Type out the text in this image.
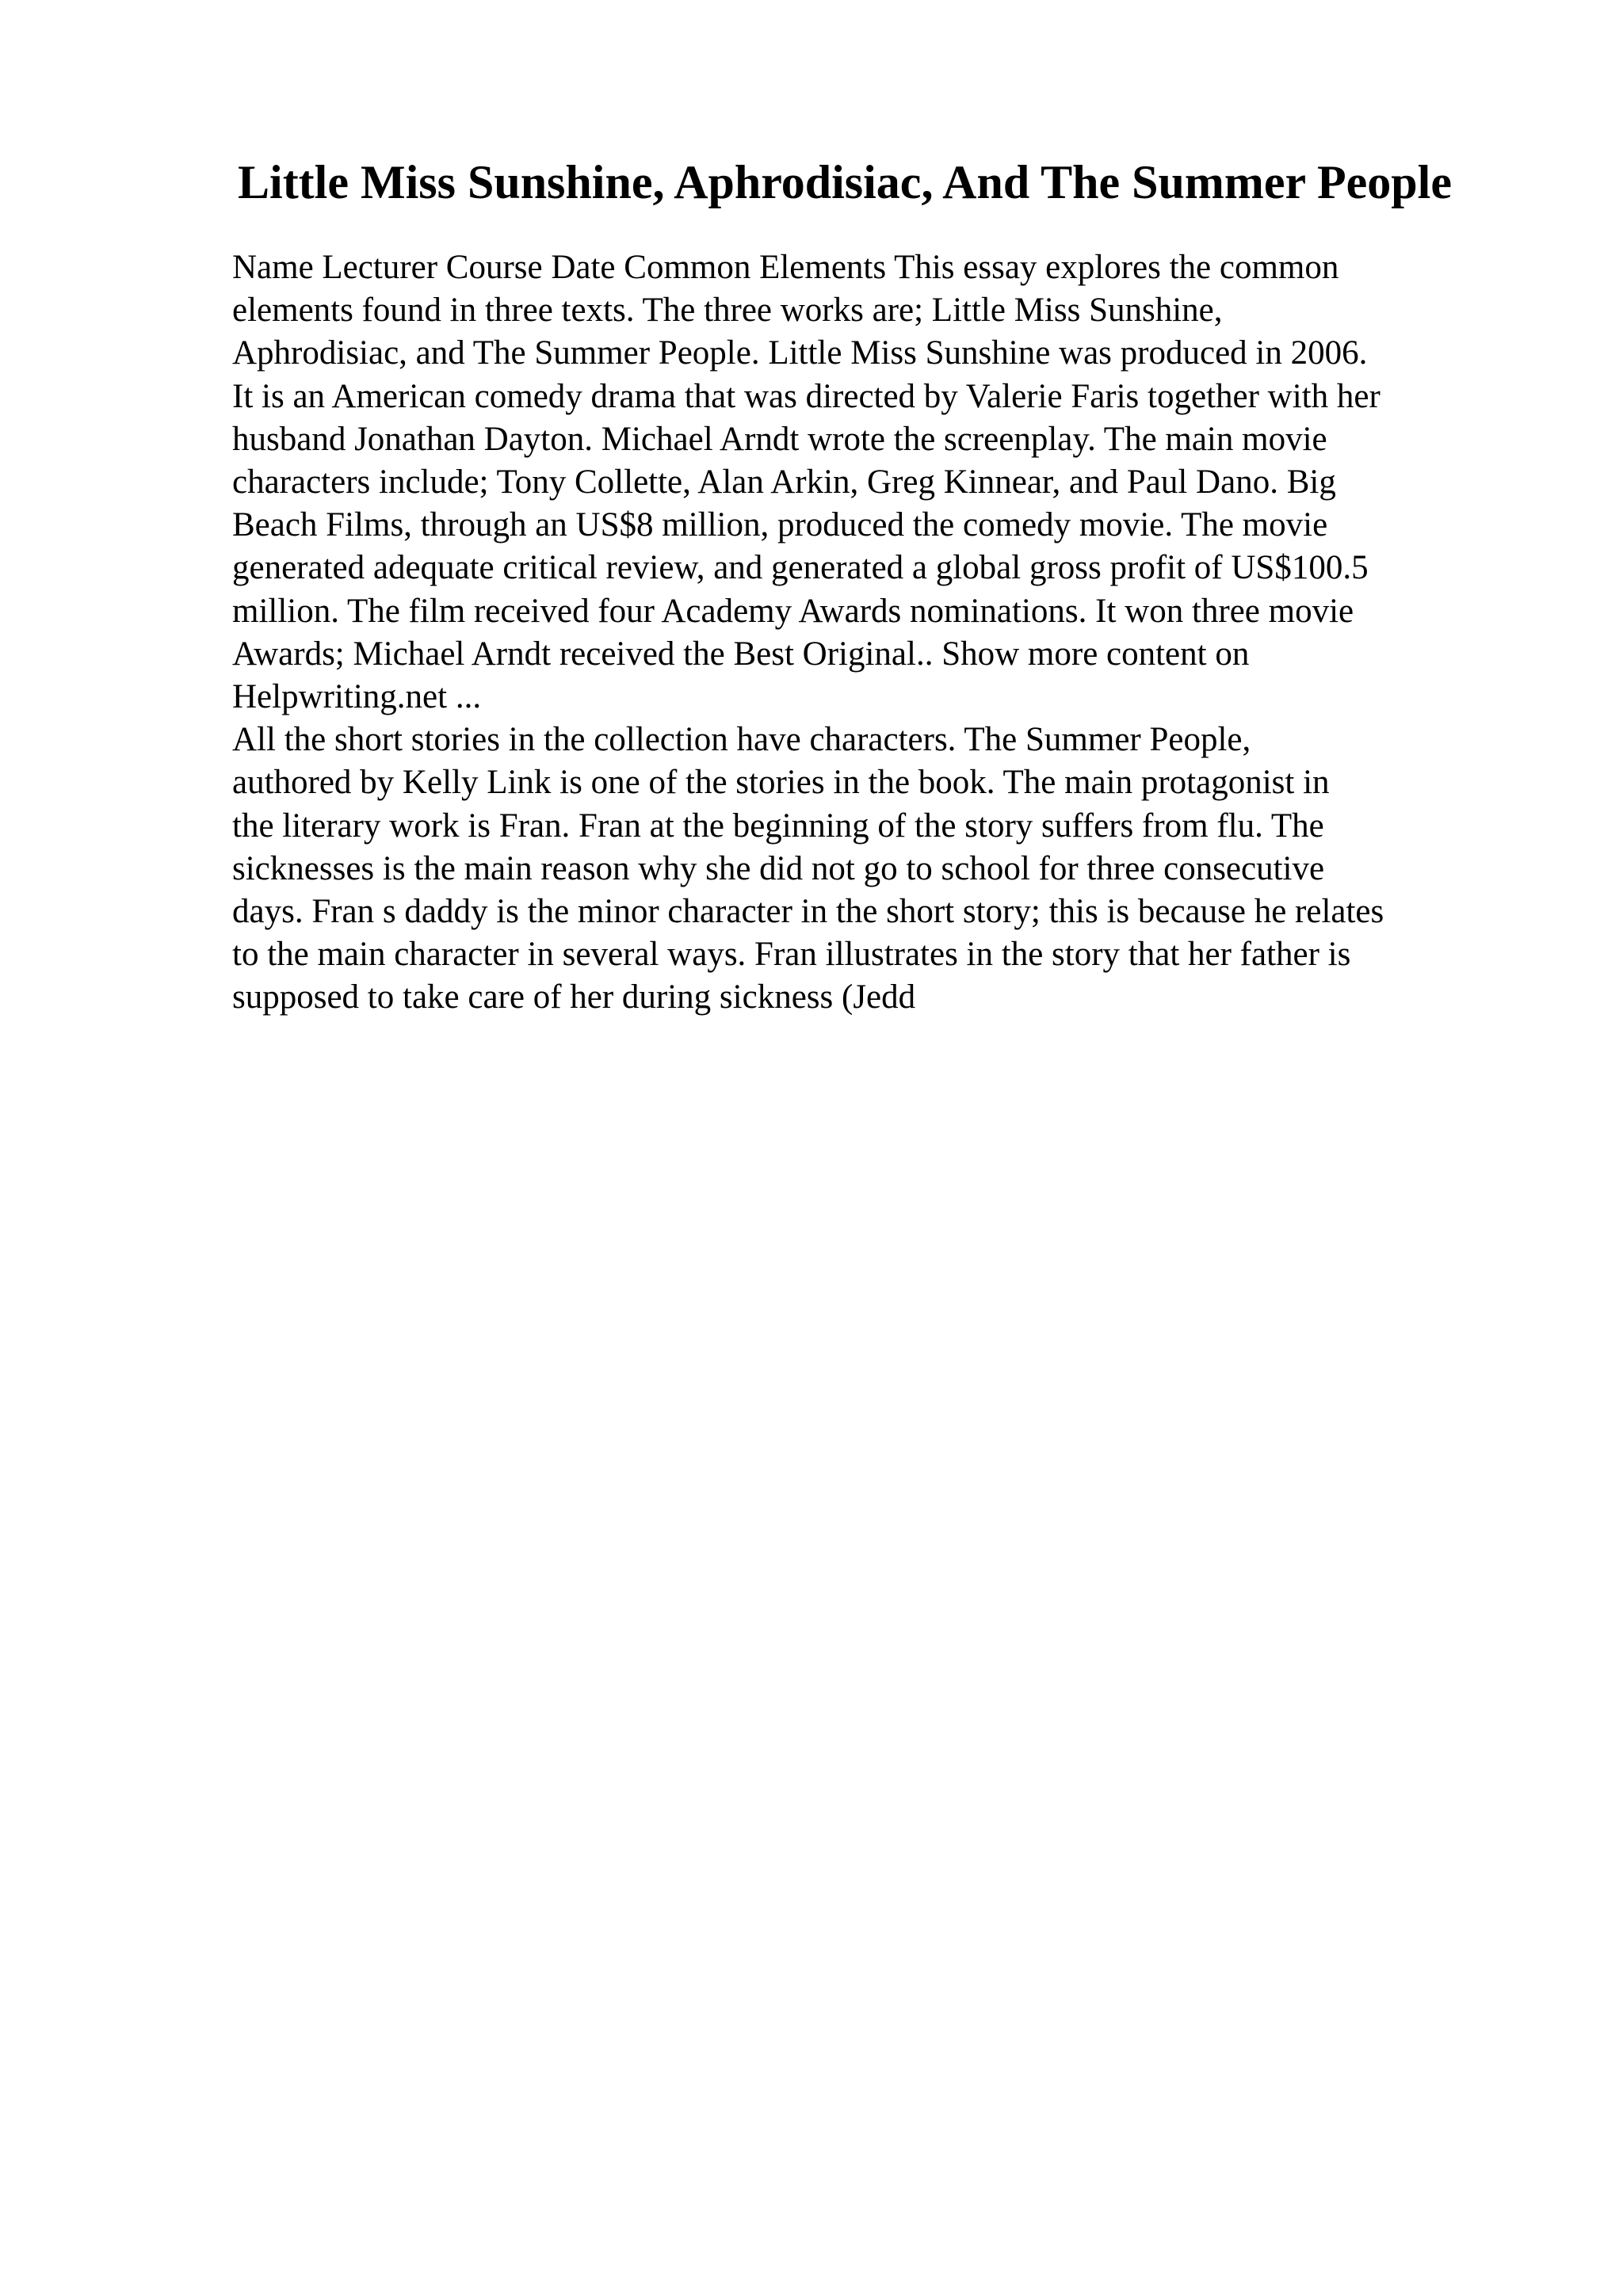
Little Miss Sunshine, Aphrodisiac, And The Summer People
Name Lecturer Course Date Common Elements This essay explores the common
elements found in three texts. The three works are; Little Miss Sunshine,
Aphrodisiac, and The Summer People. Little Miss Sunshine was produced in 2006.
It is an American comedy drama that was directed by Valerie Faris together with her
husband Jonathan Dayton. Michael Arndt wrote the screenplay. The main movie
characters include; Tony Collette, Alan Arkin, Greg Kinnear, and Paul Dano. Big
Beach Films, through an US$8 million, produced the comedy movie. The movie
generated adequate critical review, and generated a global gross profit of US$100.5
million. The film received four Academy Awards nominations. It won three movie
Awards; Michael Arndt received the Best Original.. Show more content on
Helpwriting.net ...
All the short stories in the collection have characters. The Summer People,
authored by Kelly Link is one of the stories in the book. The main protagonist in
the literary work is Fran. Fran at the beginning of the story suffers from flu. The
sicknesses is the main reason why she did not go to school for three consecutive
days. Fran s daddy is the minor character in the short story; this is because he relates
to the main character in several ways. Fran illustrates in the story that her father is
supposed to take care of her during sickness (Jedd
